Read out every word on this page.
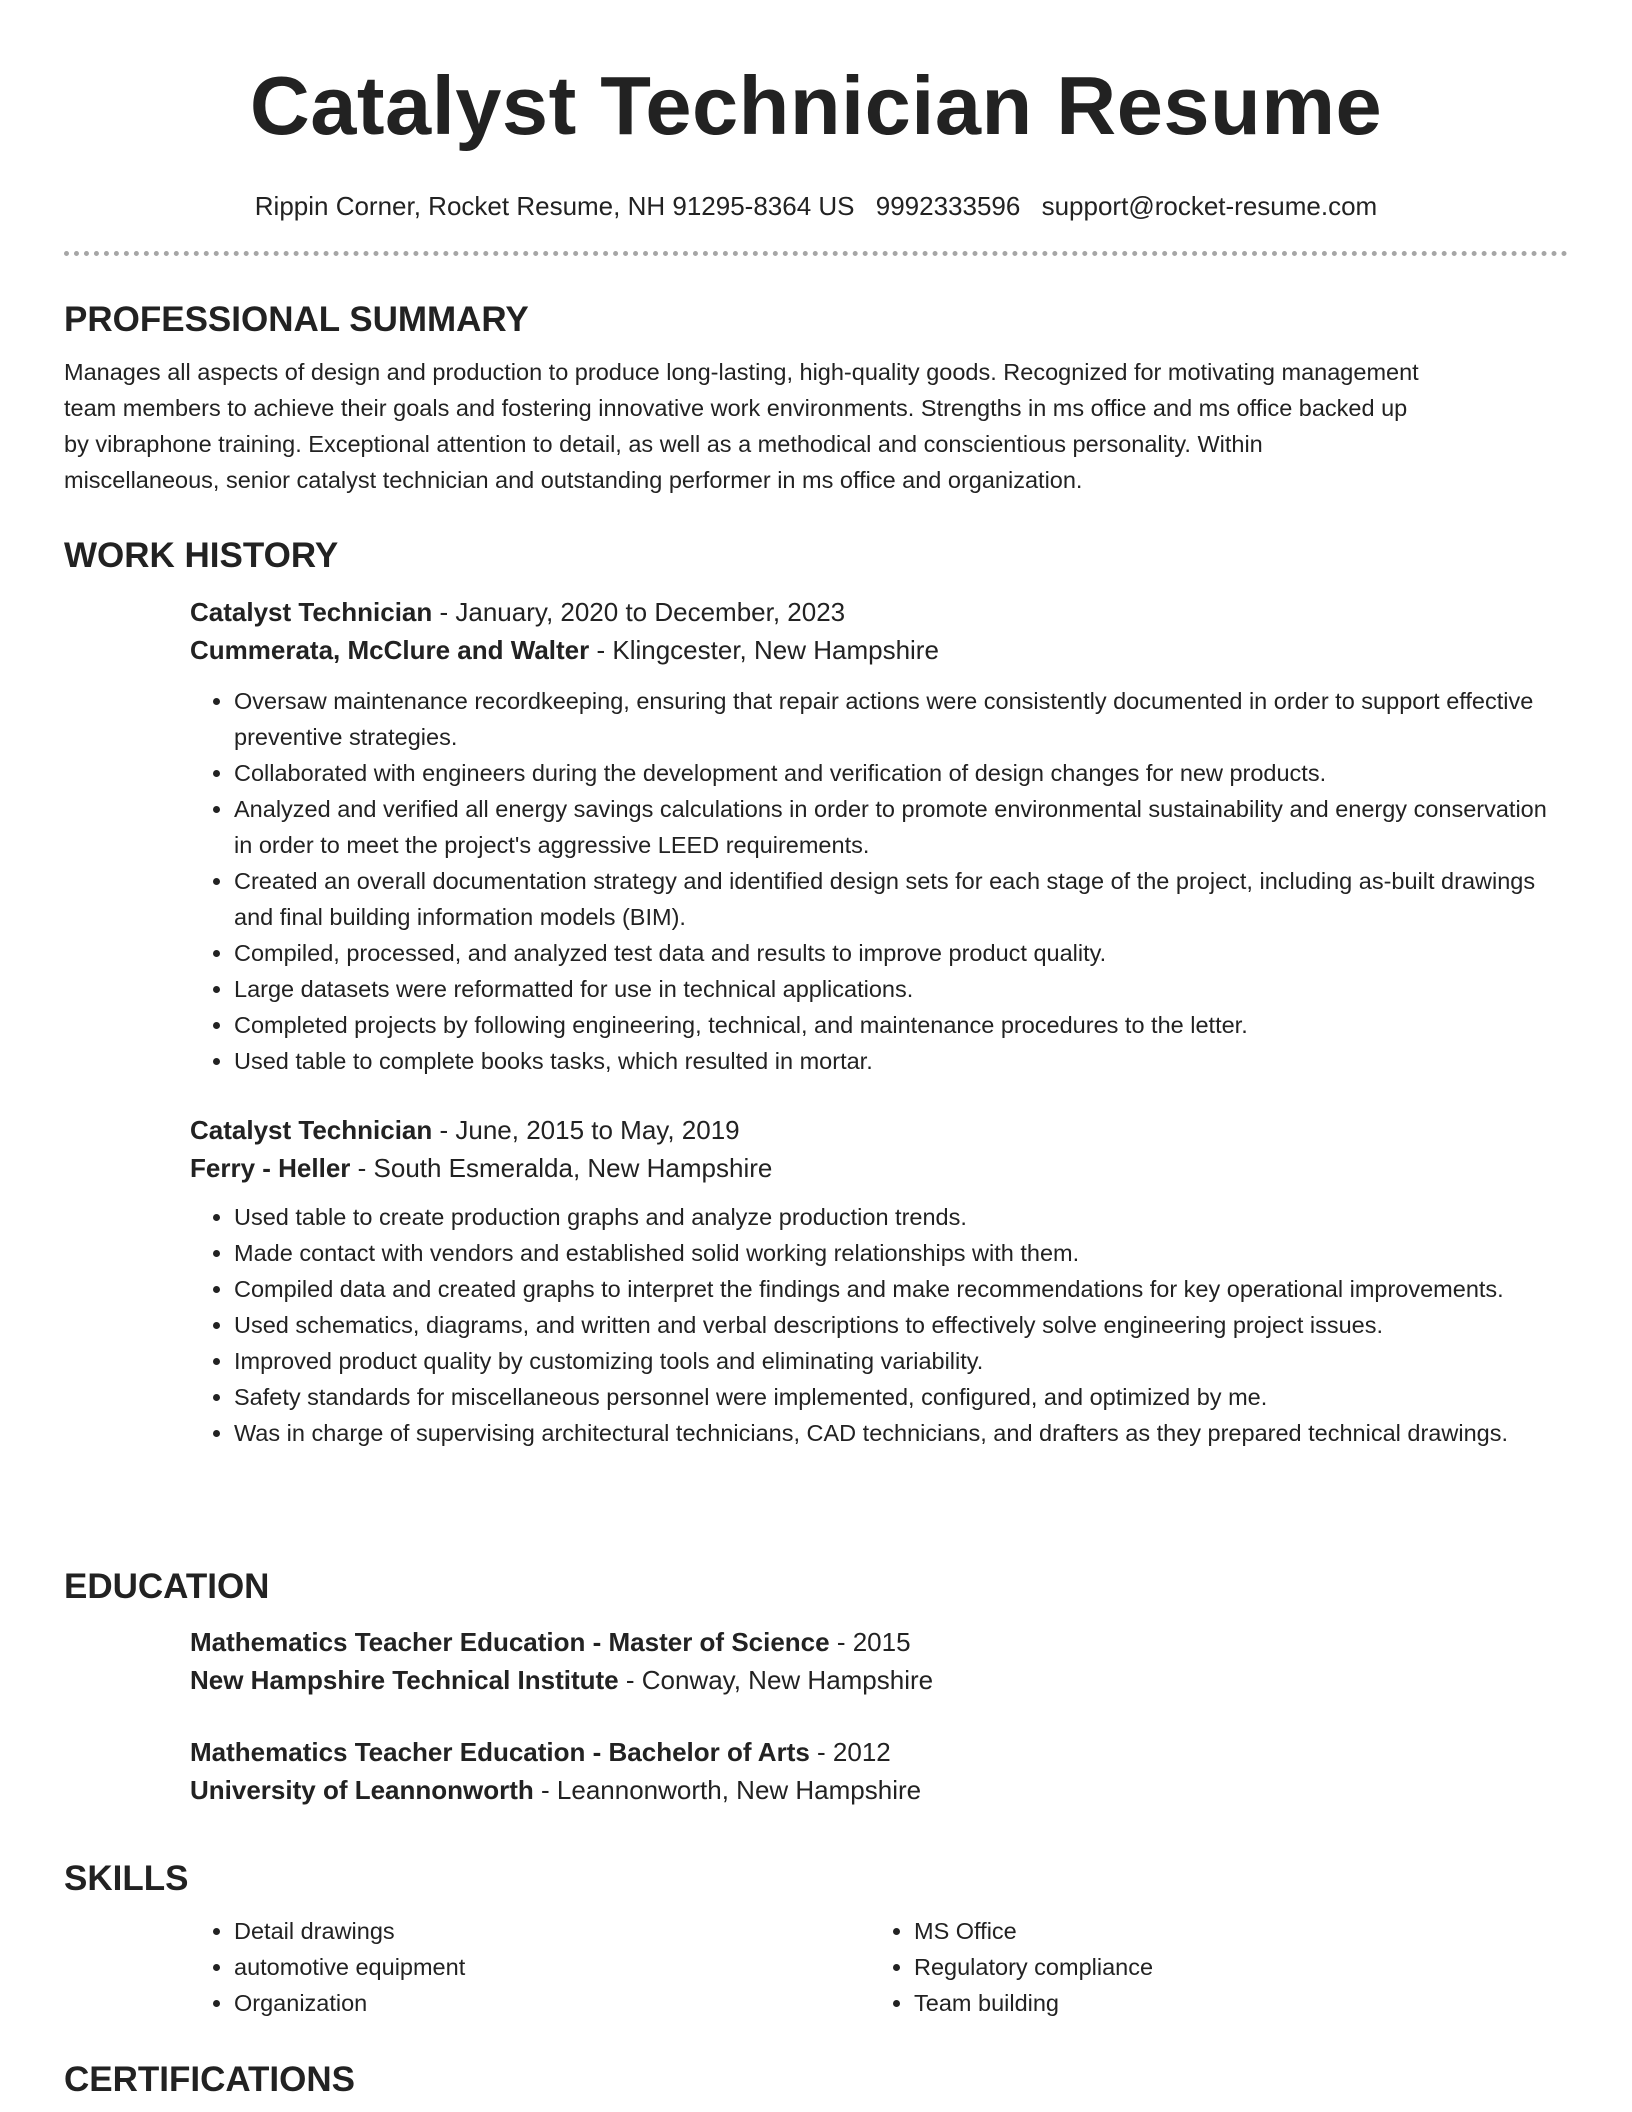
Catalyst Technician Resume
Rippin Corner, Rocket Resume, NH 91295-8364 US 9992333596 support@rocket-resume.com
PROFESSIONAL SUMMARY

Manages all aspects of design and production to produce long-lasting, high-quality goods. Recognized for motivating management team members to achieve their goals and fostering innovative work environments. Strengths in ms office and ms office backed up by vibraphone training. Exceptional attention to detail, as well as a methodical and conscientious personality. Within miscellaneous, senior catalyst technician and outstanding performer in ms office and organization.

WORK HISTORY
Catalyst Technician - January, 2020 to December, 2023
Cummerata, McClure and Walter - Klingcester, New Hampshire
• Oversaw maintenance recordkeeping, ensuring that repair actions were consistently documented in order to support effective preventive strategies.
• Collaborated with engineers during the development and verification of design changes for new products.
• Analyzed and verified all energy savings calculations in order to promote environmental sustainability and energy conservation in order to meet the project's aggressive LEED requirements.
• Created an overall documentation strategy and identified design sets for each stage of the project, including as-built drawings and final building information models (BIM).
• Compiled, processed, and analyzed test data and results to improve product quality.
• Large datasets were reformatted for use in technical applications.
• Completed projects by following engineering, technical, and maintenance procedures to the letter.
• Used table to complete books tasks, which resulted in mortar.
Catalyst Technician - June, 2015 to May, 2019
Ferry - Heller - South Esmeralda, New Hampshire
• Used table to create production graphs and analyze production trends.
• Made contact with vendors and established solid working relationships with them.
• Compiled data and created graphs to interpret the findings and make recommendations for key operational improvements.
• Used schematics, diagrams, and written and verbal descriptions to effectively solve engineering project issues.
• Improved product quality by customizing tools and eliminating variability.
• Safety standards for miscellaneous personnel were implemented, configured, and optimized by me.
• Was in charge of supervising architectural technicians, CAD technicians, and drafters as they prepared technical drawings.
EDUCATION
Mathematics Teacher Education - Master of Science - 2015
New Hampshire Technical Institute - Conway, New Hampshire
Mathematics Teacher Education - Bachelor of Arts - 2012
University of Leannonworth - Leannonworth, New Hampshire
SKILLS
• Detail drawings
• automotive equipment
• Organization
• MS Office
• Regulatory compliance
• Team building
CERTIFICATIONS
